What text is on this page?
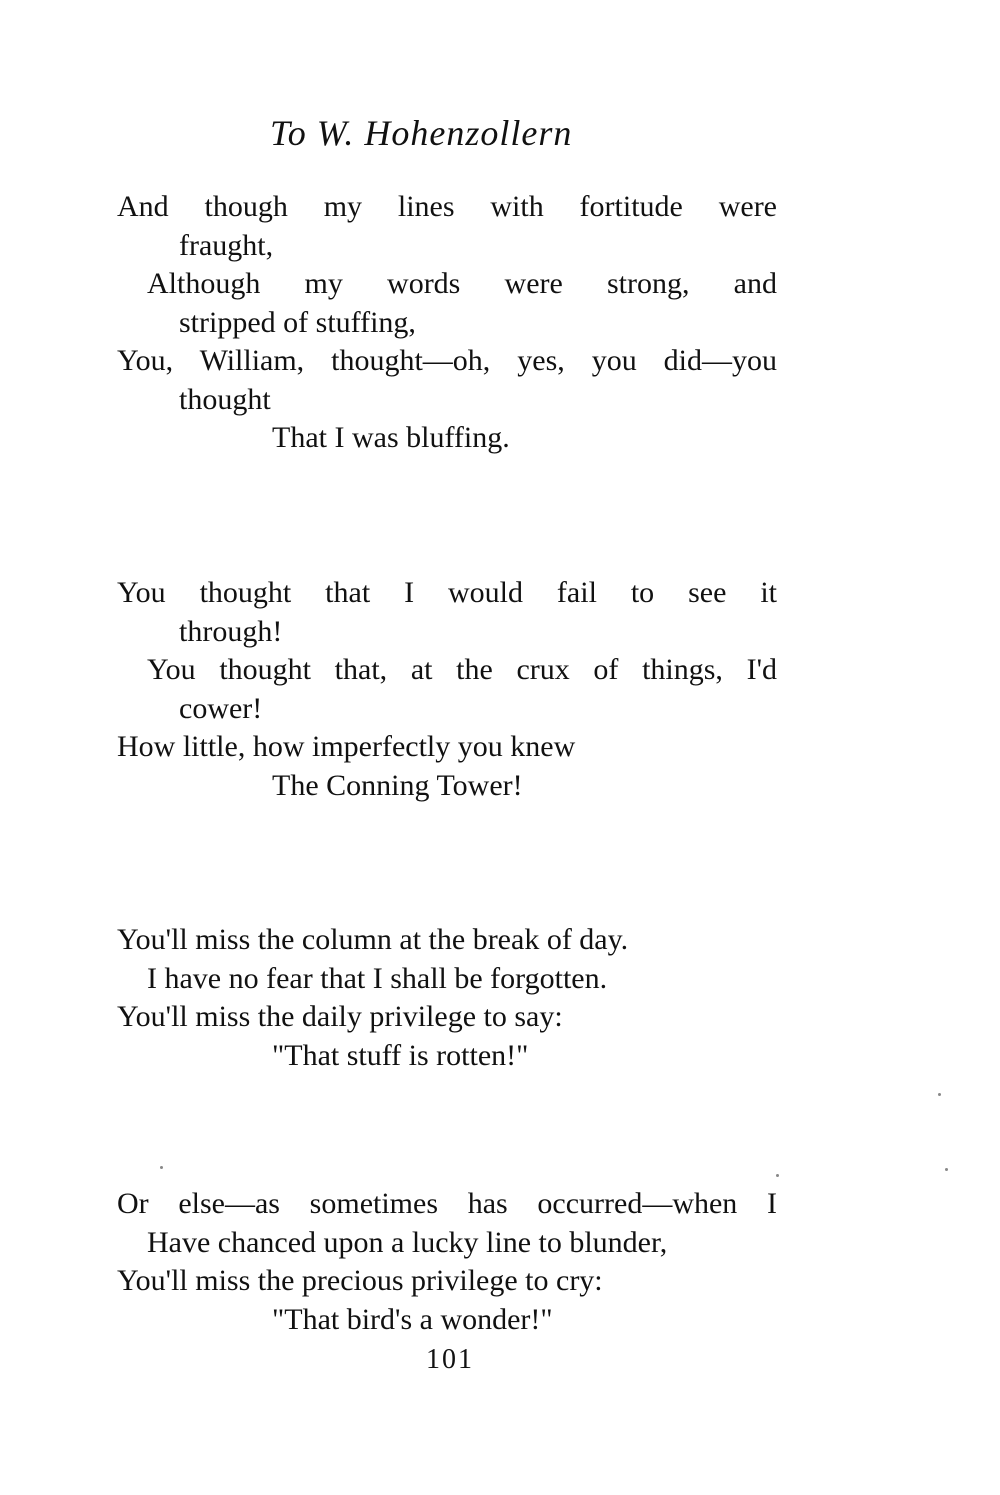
To W. Hohenzollern
And though my lines with fortitude were
fraught,
Although my words were strong, and
stripped of stuffing,
You, William, thought—oh, yes, you did—you
thought
That I was bluffing.
You thought that I would fail to see it
through!
You thought that, at the crux of things, I'd
cower!
How little, how imperfectly you knew
The Conning Tower!
You'll miss the column at the break of day.
I have no fear that I shall be forgotten.
You'll miss the daily privilege to say:
"That stuff is rotten!"
Or else—as sometimes has occurred—when I
Have chanced upon a lucky line to blunder,
You'll miss the precious privilege to cry:
"That bird's a wonder!"
101
